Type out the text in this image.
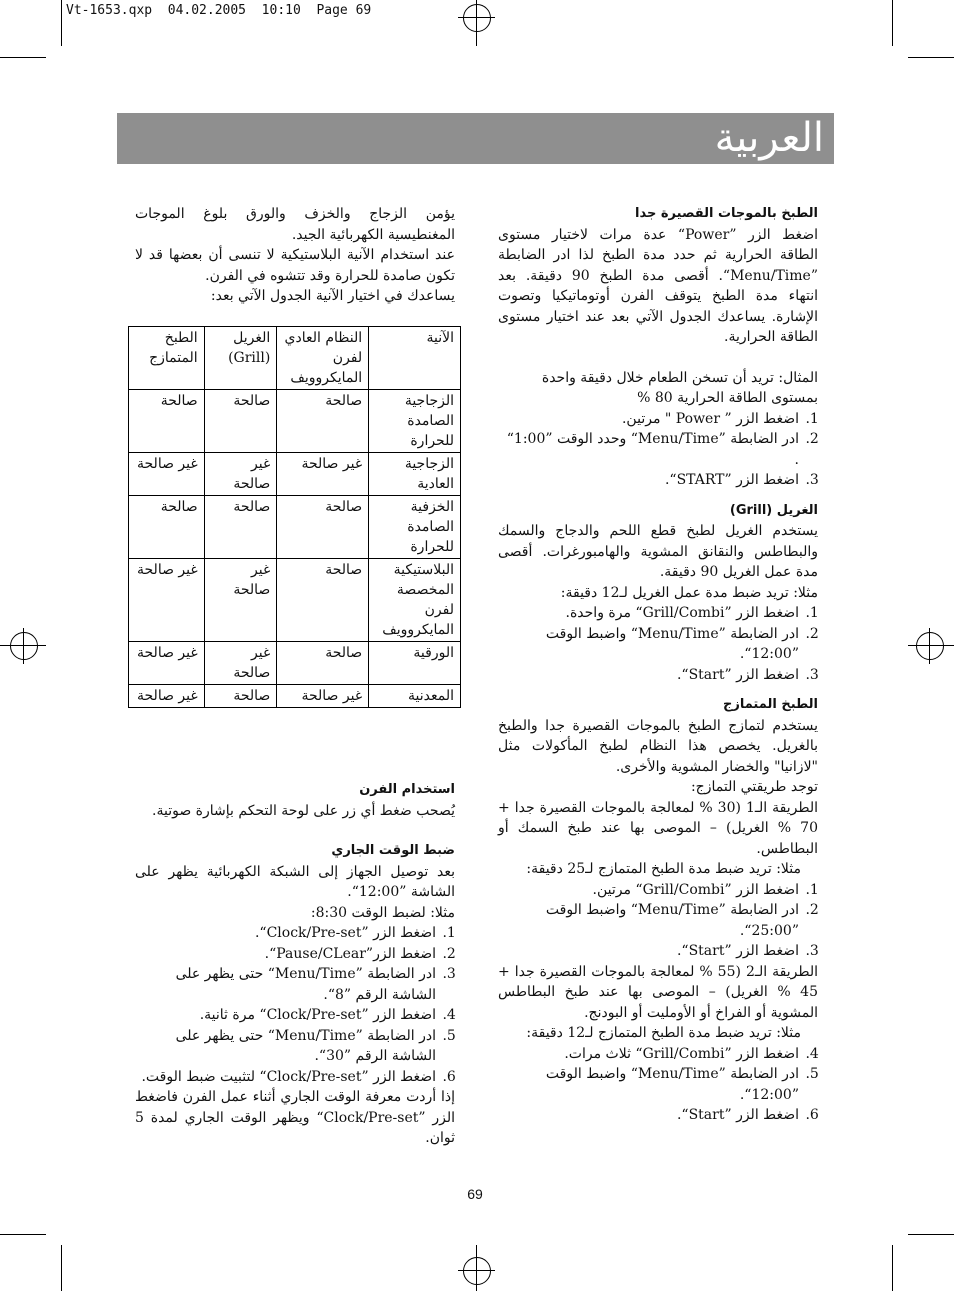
Vt-1653.qxp  04.02.2005  10:10  Page 69
العربية
الطبخ بالموجات القصيرة جدا

اضغط الزر ”Power“ عدة مرات لاختيار مستوى الطاقة الحرارية ثم حدد مدة الطبخ لذا ادر الضابطة ”Menu/Time“. أقصى مدة الطبخ 90 دقيقة. بعد انتهاء مدة الطبخ يتوقف الفرن أوتوماتيكيا وتصوت الإشارة. يساعدك الجدول الآتي بعد عند اختيار مستوى الطاقة الحرارية.

المثال: تريد أن تسخن الطعام خلال دقيقة واحدة بمستوى الطاقة الحرارية 80 %

1. اضغط الزر ” Power " مرتين.
2. ادر الضابطة ”Menu/Time“ وحدد الوقت ”1:00“ .
3. اضغط الزر ”START“.
الغريل (Grill)

يستخدم الغريل لطبخ قطع اللحم والدجاج والسمك والبطاطس والنقانق المشوية والهامبورغرات. أقصى مدة عمل الغريل 90 دقيقة.

مثلا: تريد ضبط مدة عمل الغريل لـ12 دقيقة:

1. اضغط الزر ”Grill/Combi“ مرة واحدة.
2. ادر الضابطة ”Menu/Time“ واضبط الوقت ”12:00“.
3. اضغط الزر ”Start“.
الطبخ المتمازج

يستخدم لتمازج الطبخ بالموجات القصيرة جدا والطبخ بالغريل. يخصص هذا النظام لطبخ المأكولات مثل "لازانيا" والخضار المشوية والأخرى.

توجد طريقتي التمازج:

الطريقة الـ1 (30 % لمعالجة بالموجات القصيرة جدا + 70 % الغريل) – الموصى بها عند طبخ السمك أو البطاطس.

مثلا: تريد ضبط مدة الطبخ المتمازج لـ25 دقيقة:

1. اضغط الزر ”Grill/Combi“ مرتين.
2. ادر الضابطة ”Menu/Time“ واضبط الوقت ”25:00“.
3. اضغط الزر ”Start“.

الطريقة الـ2 (55 % لمعالجة بالموجات القصيرة جدا + 45 % الغريل) – الموصى بها عند طبخ البطاطس المشوية أو الفراخ أو الأومليت أو البودنج.

مثلا: تريد ضبط مدة الطبخ المتمازج لـ12 دقيقة:

4. اضغط الزر ”Grill/Combi“ ثلاث مرات.
5. ادر الضابطة ”Menu/Time“ واضبط الوقت ”12:00“.
6. اضغط الزر ”Start“.

يؤمن الزجاج والخزف والورق بلوغ الموجات المغنطيسية الكهربائية الجيد.

عند استخدام الآنية البلاستيكية لا تنسى أن بعضها قد لا تكون صامدة للحرارة وقد تتشوه في الفرن.

يساعدك في اختيار الآنية الجدول الآتي بعد:

الآنية	النظام العادي لفرن المايكروويف	الغريل (Grill)	الطبخ المتمازج
الزجاجية الصامدة للحرارة	صالحة	صالحة	صالحة
الزجاجية العادية	غير صالحة	غير صالحة	غير صالحة
الخزفية الصامدة للحرارة	صالحة	صالحة	صالحة
البلاستيكية المخصصة لفرن المايكروويف	صالحة	غير صالحة	غير صالحة
الورقية	صالحة	غير صالحة	غير صالحة
المعدنية	غير صالحة	صالحة	غير صالحة
استخدام الفرن

يُصحب ضغط أي زر على لوحة التحكم بإشارة صوتية.

ضبط الوقت الجاري

بعد توصيل الجهاز إلى الشبكة الكهربائية يظهر على الشاشة ”12:00“.

مثلا: لضبط الوقت 8:30:

1. اضغط الزر ”Clock/Pre-set“.
2. اضغط الزر”Pause/CLear“.
3. ادر الضابطة ”Menu/Time“ حتى يظهر على الشاشة الرقم ”8“.
4. اضغط الزر ”Clock/Pre-set“ مرة ثانية.
5. ادر الضابطة ”Menu/Time“ حتى يظهر على الشاشة الرقم ”30“.
6. اضغط الزر ”Clock/Pre-set“ لتثبيت ضبط الوقت.

إذا أردت معرفة الوقت الجاري أثناء عمل الفرن فاضغط الزر ”Clock/Pre-set“ ويظهر الوقت الجاري لمدة 5 ثوان.

69
